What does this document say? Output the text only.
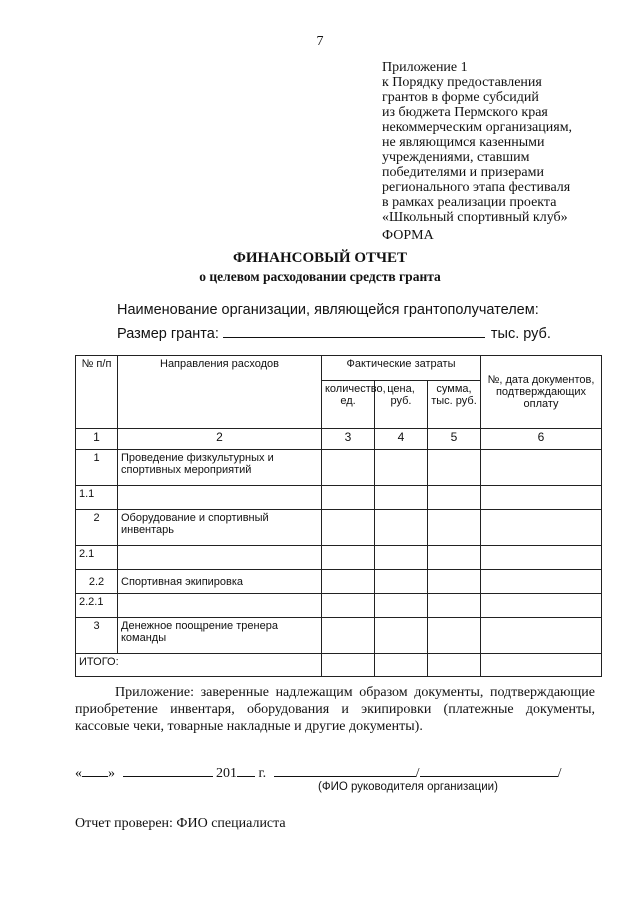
7
Приложение 1
к Порядку предоставления
грантов в форме субсидий
из бюджета Пермского края
некоммерческим организациям,
не являющимся казенными
учреждениями, ставшим
победителями и призерами
регионального этапа фестиваля
в рамках реализации проекта
«Школьный спортивный клуб»
ФОРМА
ФИНАНСОВЫЙ ОТЧЕТ
о целевом расходовании средств гранта
Наименование организации, являющейся грантополучателем:
Размер гранта:	тыс. руб.
№ п/п	Направления расходов	Фактические затраты			№, дата документов, подтверждающих оплату
		количество, ед.	цена, руб.	сумма, тыс. руб.	
1	2	3	4	5	6
1	Проведение физкультурных и спортивных мероприятий				
1.1					
2	Оборудование и спортивный инвентарь				
2.1					
2.2	Спортивная экипировка				
2.2.1					
3	Денежное поощрение тренера команды				
ИТОГО:					
Приложение: заверенные надлежащим образом документы, подтверждающие приобретение инвентаря, оборудования и экипировки (платежные документы, кассовые чеки, товарные накладные и другие документы).
« »	201 г.	/	/
(ФИО руководителя организации)
Отчет проверен: ФИО специалиста
